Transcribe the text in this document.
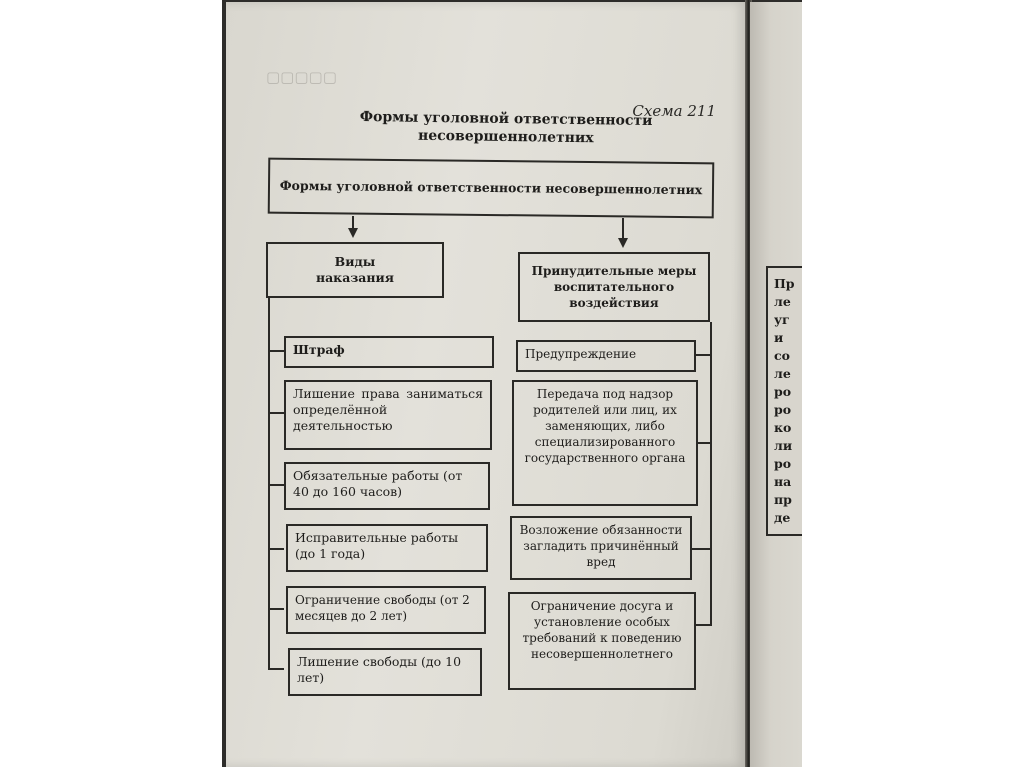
▢▢▢▢▢
Схема 211
Формы уголовной ответственности несовершеннолетних
Формы уголовной ответственности несовершеннолетних
Виды наказания	Принудительные меры воспитательного воздействия
Штраф
Лишение права заниматься определённой деятельностью
Обязательные работы (от 40 до 160 часов)
Исправительные работы (до 1 года)
Ограничение свободы (от 2 месяцев до 2 лет)
Лишение свободы (до 10 лет)
Предупреждение
Передача под надзор родителей или лиц, их заменяющих, либо специализированного государственного органа
Возложение обязанности загладить причинённый вред
Ограничение досуга и установление особых требований к поведению несовершеннолетнего
Пр
ле
уг
и
со
ле
ро
ро
ко
ли
ро
на
пр
де
